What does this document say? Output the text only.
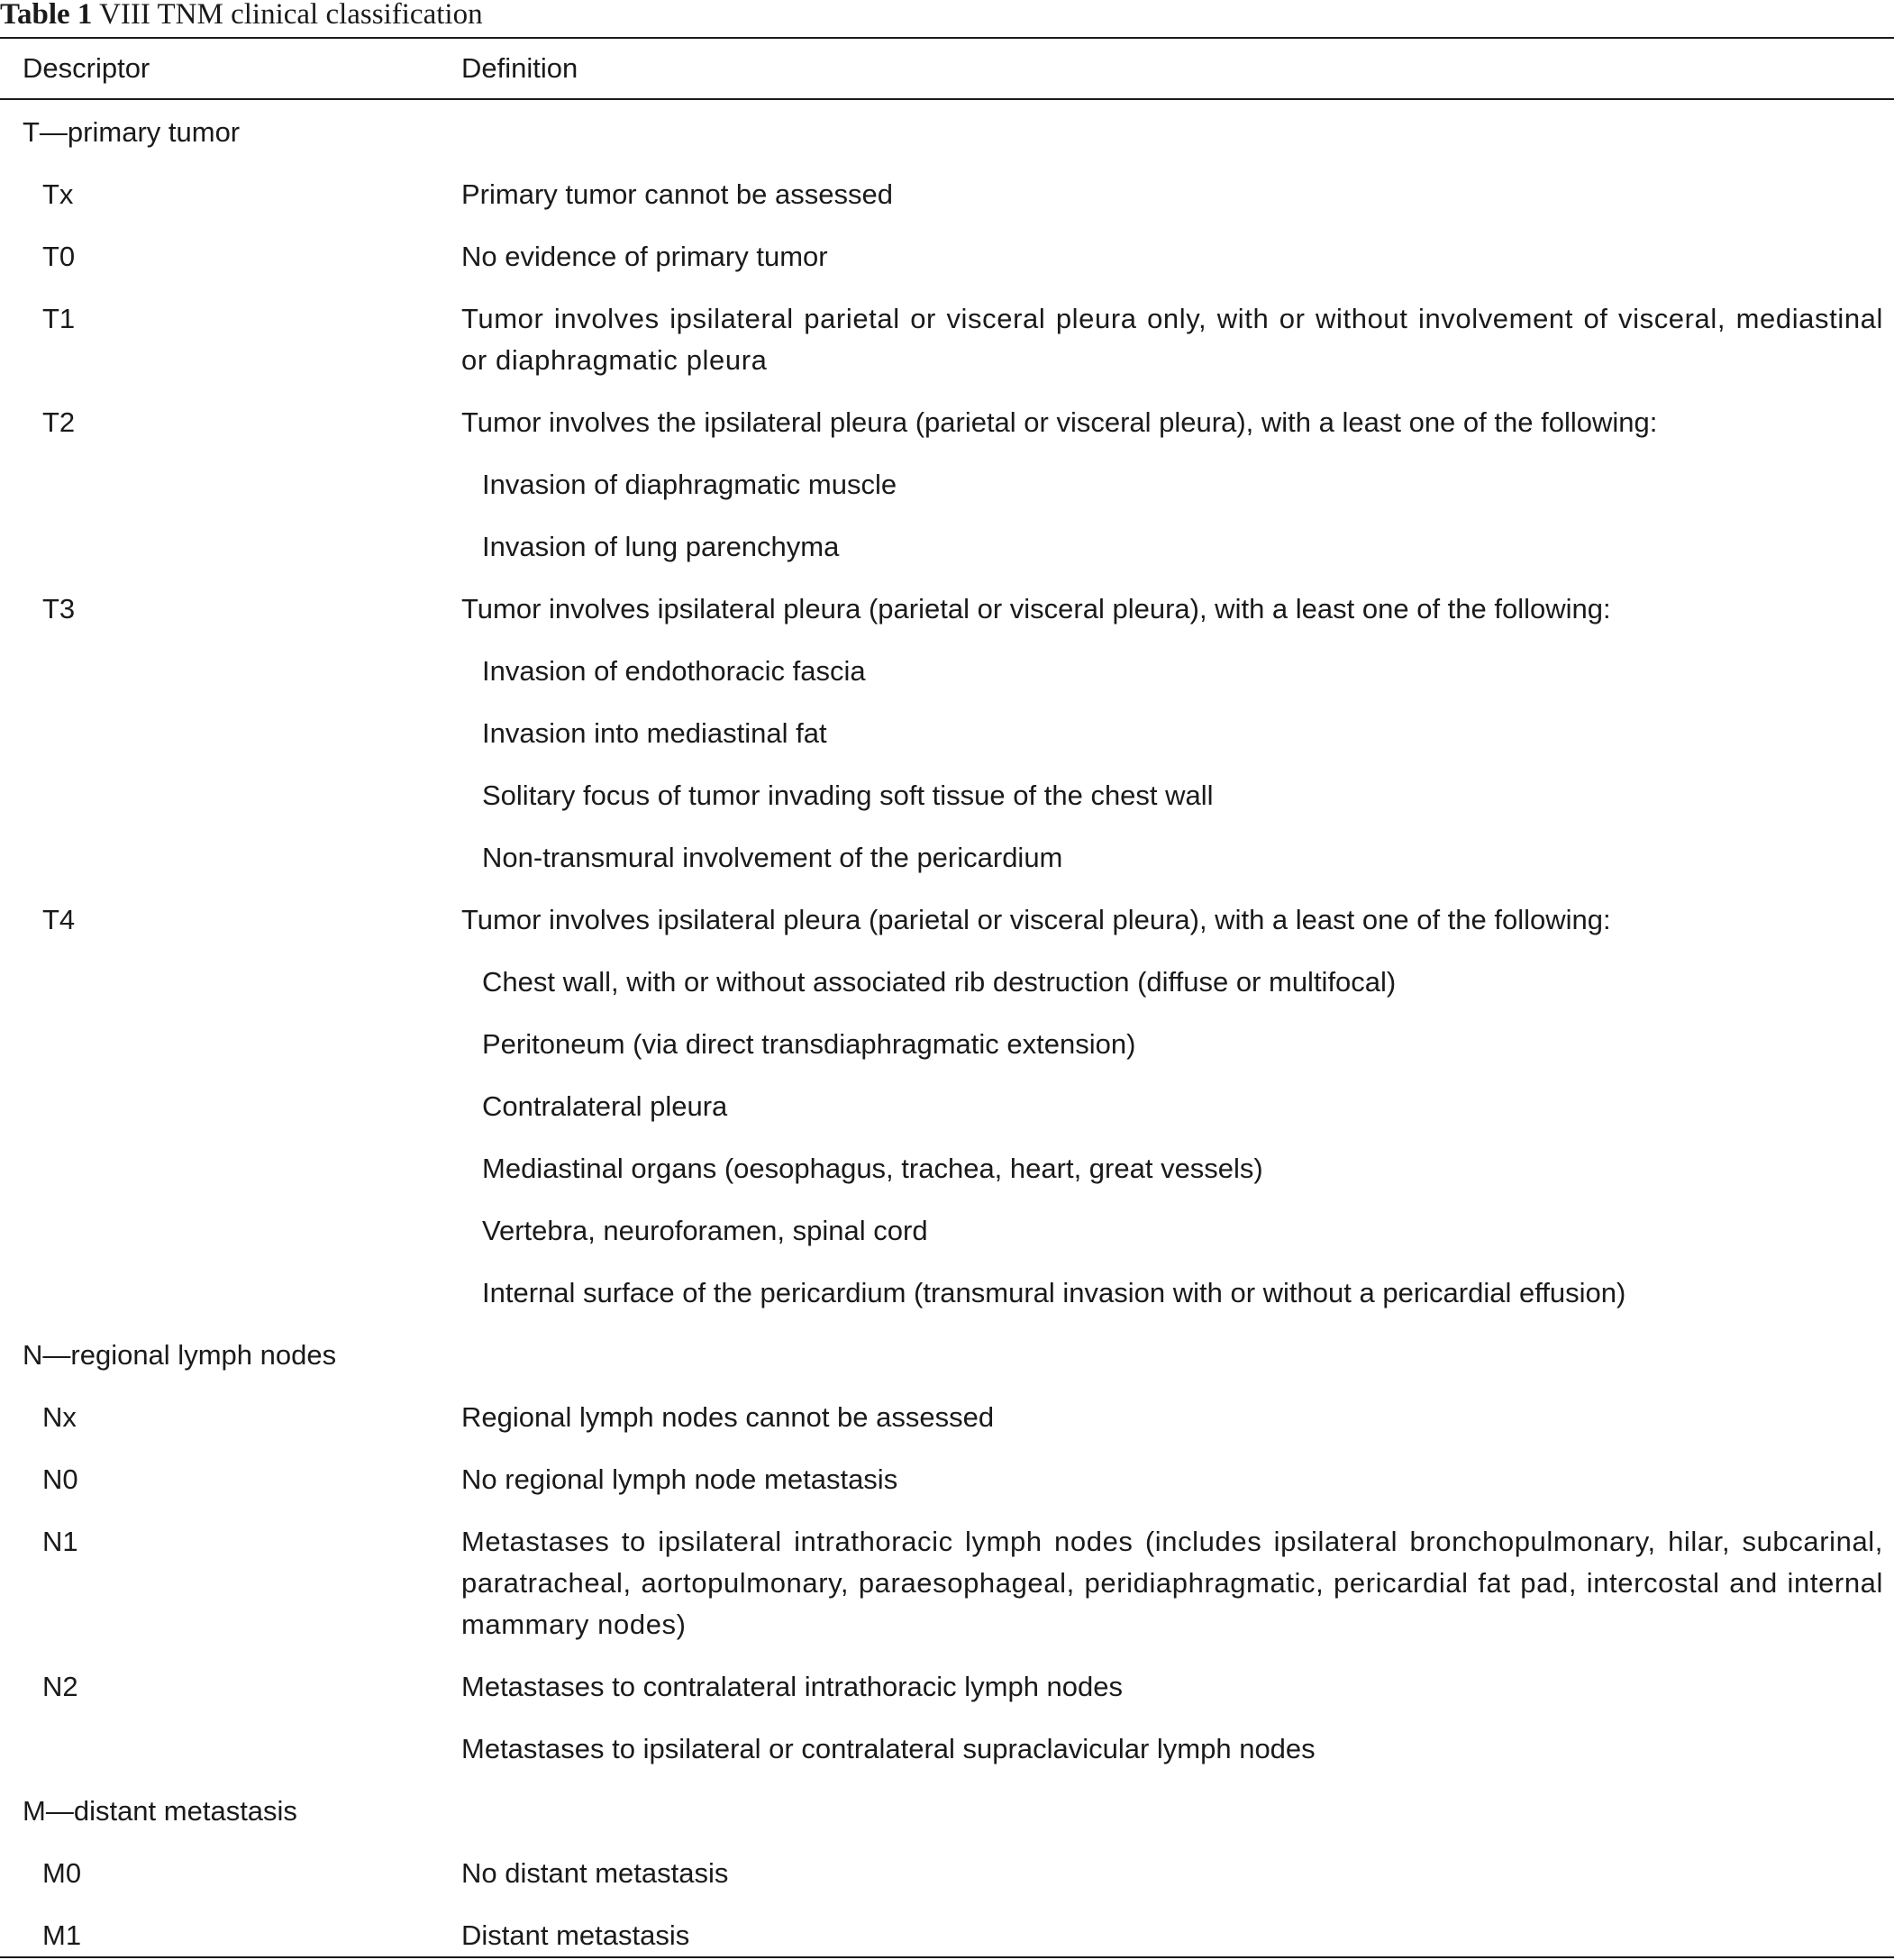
Table 1 VIII TNM clinical classification
Descriptor	Definition
T—primary tumor
Tx	Primary tumor cannot be assessed
T0	No evidence of primary tumor
T1	Tumor involves ipsilateral parietal or visceral pleura only, with or without involvement of visceral, mediastinal or diaphragmatic pleura
T2	Tumor involves the ipsilateral pleura (parietal or visceral pleura), with a least one of the following:
Invasion of diaphragmatic muscle
Invasion of lung parenchyma
T3	Tumor involves ipsilateral pleura (parietal or visceral pleura), with a least one of the following:
Invasion of endothoracic fascia
Invasion into mediastinal fat
Solitary focus of tumor invading soft tissue of the chest wall
Non-transmural involvement of the pericardium
T4	Tumor involves ipsilateral pleura (parietal or visceral pleura), with a least one of the following:
Chest wall, with or without associated rib destruction (diffuse or multifocal)
Peritoneum (via direct transdiaphragmatic extension)
Contralateral pleura
Mediastinal organs (oesophagus, trachea, heart, great vessels)
Vertebra, neuroforamen, spinal cord
Internal surface of the pericardium (transmural invasion with or without a pericardial effusion)
N—regional lymph nodes
Nx	Regional lymph nodes cannot be assessed
N0	No regional lymph node metastasis
N1	Metastases to ipsilateral intrathoracic lymph nodes (includes ipsilateral bronchopulmonary, hilar, subcarinal, paratracheal, aortopulmonary, paraesophageal, peridiaphragmatic, pericardial fat pad, intercostal and internal mammary nodes)
N2	Metastases to contralateral intrathoracic lymph nodes
Metastases to ipsilateral or contralateral supraclavicular lymph nodes
M—distant metastasis
M0	No distant metastasis
M1	Distant metastasis
